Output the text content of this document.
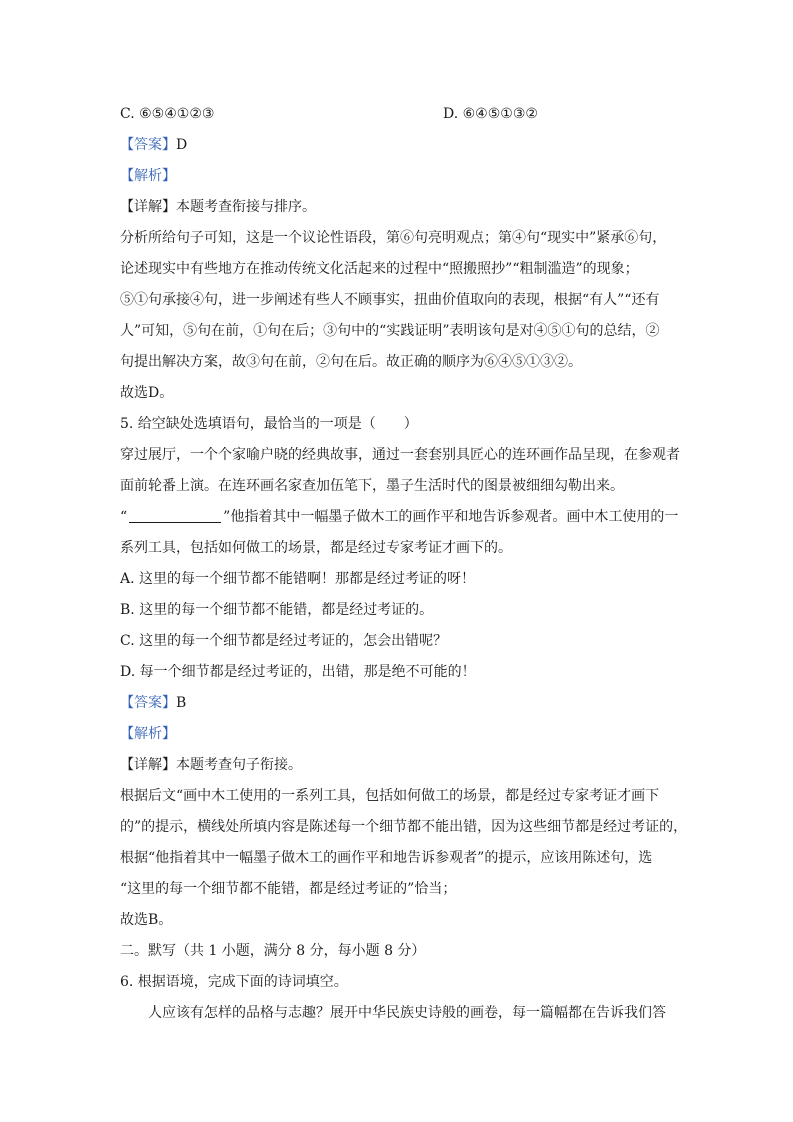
C. ⑥⑤④①②③	D. ⑥④⑤①③②
【答案】D
【解析】
【详解】本题考查衔接与排序。
分析所给句子可知，这是一个议论性语段，第⑥句亮明观点；第④句“现实中”紧承⑥句，
论述现实中有些地方在推动传统文化活起来的过程中“照搬照抄”“粗制滥造”的现象；
⑤①句承接④句，进一步阐述有些人不顾事实，扭曲价值取向的表现，根据“有人”“还有
人”可知，⑤句在前，①句在后；③句中的“实践证明”表明该句是对④⑤①句的总结，②
句提出解决方案，故③句在前，②句在后。故正确的顺序为⑥④⑤①③②。
故选D。
5. 给空缺处选填语句，最恰当的一项是（　　）
穿过展厅，一个个家喻户晓的经典故事，通过一套套别具匠心的连环画作品呈现，在参观者
面前轮番上演。在连环画名家查加伍笔下，墨子生活时代的图景被细细勾勒出来。
“	”他指着其中一幅墨子做木工的画作平和地告诉参观者。画中木工使用的一
系列工具，包括如何做工的场景，都是经过专家考证才画下的。
A. 这里的每一个细节都不能错啊！那都是经过考证的呀！
B. 这里的每一个细节都不能错，都是经过考证的。
C. 这里的每一个细节都是经过考证的，怎会出错呢？
D. 每一个细节都是经过考证的，出错，那是绝不可能的！
【答案】B
【解析】
【详解】本题考查句子衔接。
根据后文“画中木工使用的一系列工具，包括如何做工的场景，都是经过专家考证才画下
的”的提示，横线处所填内容是陈述每一个细节都不能出错，因为这些细节都是经过考证的，
根据“他指着其中一幅墨子做木工的画作平和地告诉参观者”的提示，应该用陈述句，选
“这里的每一个细节都不能错，都是经过考证的”恰当；
故选B。
二。默写（共 1 小题，满分 8 分，每小题 8 分）
6. 根据语境，完成下面的诗词填空。
人应该有怎样的品格与志趣？展开中华民族史诗般的画卷，每一篇幅都在告诉我们答
